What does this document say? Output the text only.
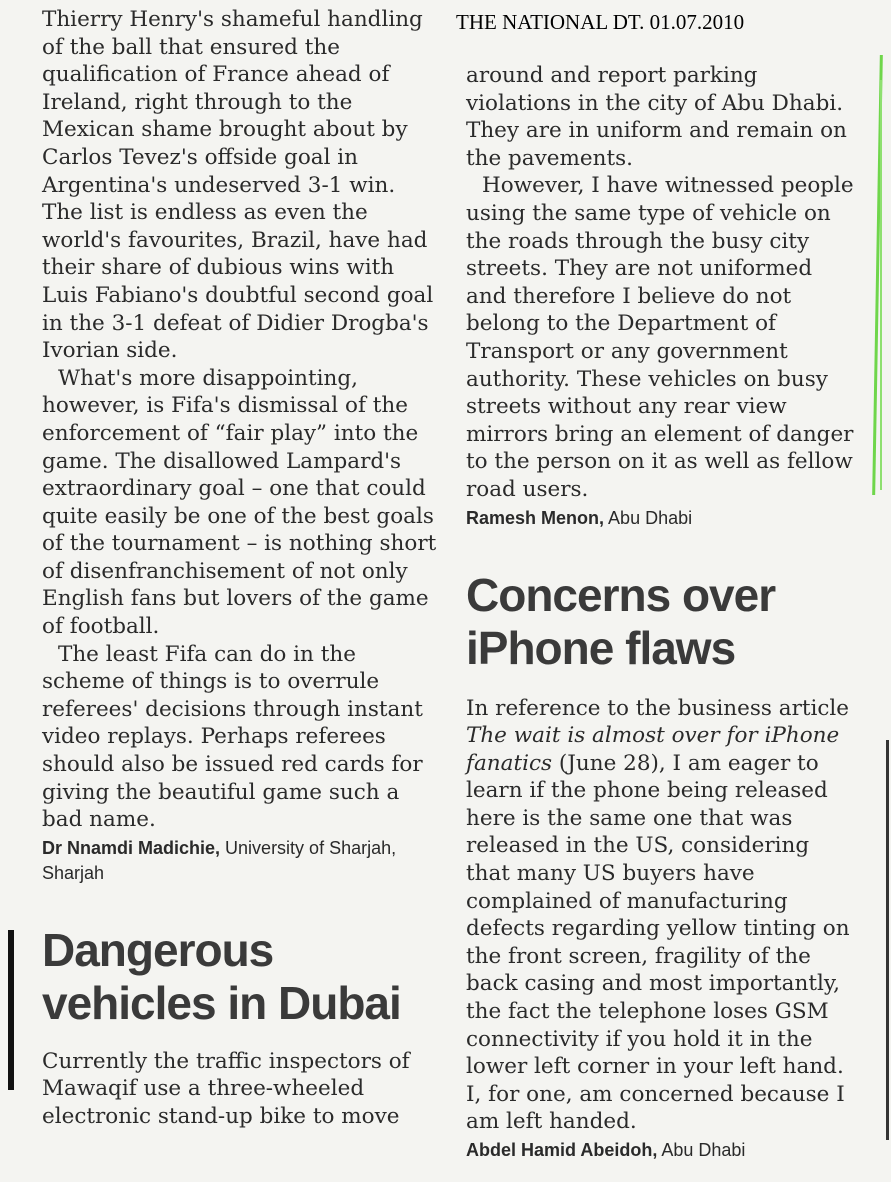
THE NATIONAL DT. 01.07.2010

Thierry Henry's shameful handling of the ball that ensured the qualification of France ahead of Ireland, right through to the Mexican shame brought about by Carlos Tevez's offside goal in Argentina's undeserved 3-1 win. The list is endless as even the world's favourites, Brazil, have had their share of dubious wins with Luis Fabiano's doubtful second goal in the 3-1 defeat of Didier Drogba's Ivorian side.

What's more disappointing, however, is Fifa's dismissal of the enforcement of “fair play” into the game. The disallowed Lampard's extraordinary goal – one that could quite easily be one of the best goals of the tournament – is nothing short of disenfranchisement of not only English fans but lovers of the game of football.

The least Fifa can do in the scheme of things is to overrule referees' decisions through instant video replays. Perhaps referees should also be issued red cards for giving the beautiful game such a bad name.

Dr Nnamdi Madichie, University of Sharjah, Sharjah

Dangerous vehicles in Dubai

Currently the traffic inspectors of Mawaqif use a three-wheeled electronic stand-up bike to move

around and report parking violations in the city of Abu Dhabi. They are in uniform and remain on the pavements.

However, I have witnessed people using the same type of vehicle on the roads through the busy city streets. They are not uniformed and therefore I believe do not belong to the Department of Transport or any government authority. These vehicles on busy streets without any rear view mirrors bring an element of danger to the person on it as well as fellow road users.

Ramesh Menon, Abu Dhabi

Concerns over iPhone flaws

In reference to the business article The wait is almost over for iPhone fanatics (June 28), I am eager to learn if the phone being released here is the same one that was released in the US, considering that many US buyers have complained of manufacturing defects regarding yellow tinting on the front screen, fragility of the back casing and most importantly, the fact the telephone loses GSM connectivity if you hold it in the lower left corner in your left hand. I, for one, am concerned because I am left handed.

Abdel Hamid Abeidoh, Abu Dhabi
